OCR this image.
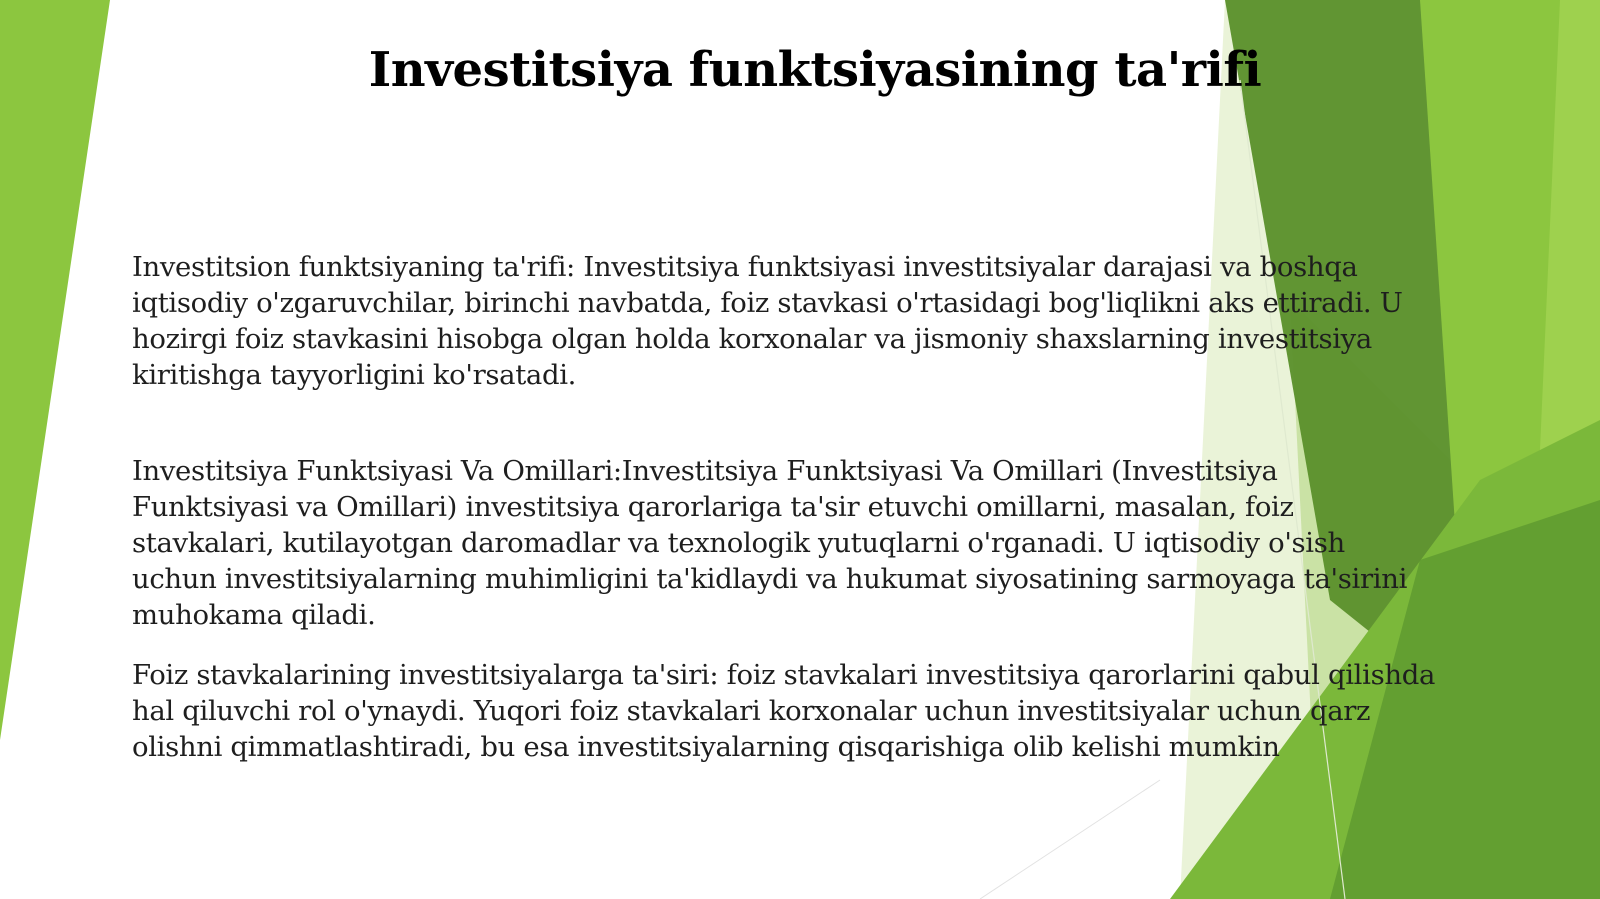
Investitsiya funktsiyasining ta'rifi

Investitsion funktsiyaning ta'rifi: Investitsiya funktsiyasi investitsiyalar darajasi va boshqa
iqtisodiy o'zgaruvchilar, birinchi navbatda, foiz stavkasi o'rtasidagi bog'liqlikni aks ettiradi. U
hozirgi foiz stavkasini hisobga olgan holda korxonalar va jismoniy shaxslarning investitsiya
kiritishga tayyorligini ko'rsatadi.

Investitsiya Funktsiyasi Va Omillari:Investitsiya Funktsiyasi Va Omillari (Investitsiya
Funktsiyasi va Omillari) investitsiya qarorlariga ta'sir etuvchi omillarni, masalan, foiz
stavkalari, kutilayotgan daromadlar va texnologik yutuqlarni o'rganadi. U iqtisodiy o'sish
uchun investitsiyalarning muhimligini ta'kidlaydi va hukumat siyosatining sarmoyaga ta'sirini
muhokama qiladi.

Foiz stavkalarining investitsiyalarga ta'siri: foiz stavkalari investitsiya qarorlarini qabul qilishda
hal qiluvchi rol o'ynaydi. Yuqori foiz stavkalari korxonalar uchun investitsiyalar uchun qarz
olishni qimmatlashtiradi, bu esa investitsiyalarning qisqarishiga olib kelishi mumkin
